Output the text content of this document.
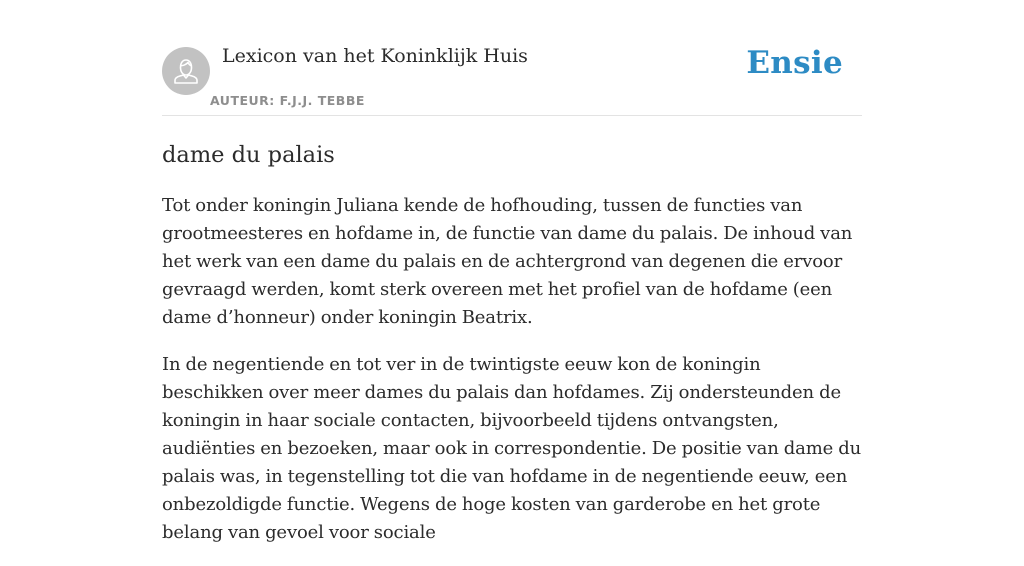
Lexicon van het Koninklijk Huis
AUTEUR: F.J.J. TEBBE
Ensie
dame du palais

Tot onder koningin Juliana kende de hofhouding, tussen de functies van grootmeesteres en hofdame in, de functie van dame du palais. De inhoud van het werk van een dame du palais en de achtergrond van degenen die ervoor gevraagd werden, komt sterk overeen met het profiel van de hofdame (een dame d’honneur) onder koningin Beatrix.

In de negentiende en tot ver in de twintigste eeuw kon de koningin beschikken over meer dames du palais dan hofdames. Zij ondersteunden de koningin in haar sociale contacten, bijvoorbeeld tijdens ontvangsten, audiënties en bezoeken, maar ook in correspondentie. De positie van dame du palais was, in tegenstelling tot die van hofdame in de negentiende eeuw, een onbezoldigde functie. Wegens de hoge kosten van garderobe en het grote belang van gevoel voor sociale
